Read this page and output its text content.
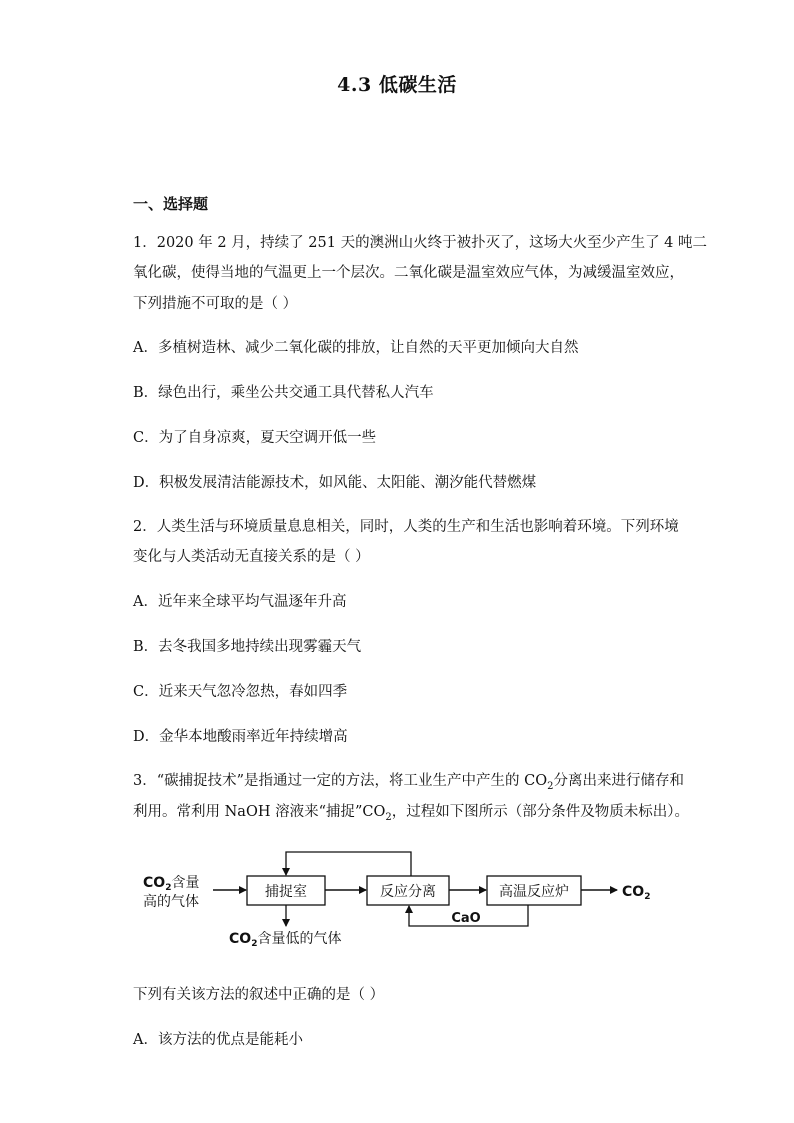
4.3 低碳生活
一、选择题
1．2020 年 2 月，持续了 251 天的澳洲山火终于被扑灭了，这场大火至少产生了 4 吨二
氧化碳，使得当地的气温更上一个层次。二氧化碳是温室效应气体，为减缓温室效应，
下列措施不可取的是（ ）
A．多植树造林、减少二氧化碳的排放，让自然的天平更加倾向大自然
B．绿色出行，乘坐公共交通工具代替私人汽车
C．为了自身凉爽，夏天空调开低一些
D．积极发展清洁能源技术，如风能、太阳能、潮汐能代替燃煤
2．人类生活与环境质量息息相关，同时，人类的生产和生活也影响着环境。下列环境
变化与人类活动无直接关系的是（ ）
A．近年来全球平均气温逐年升高
B．去冬我国多地持续出现雾霾天气
C．近来天气忽冷忽热，春如四季
D．金华本地酸雨率近年持续增高
3．“碳捕捉技术”是指通过一定的方法，将工业生产中产生的 $CO_2$分离出来进行储存和
利用。常利用 NaOH 溶液来“捕捉$”CO_2$，过程如下图所示（部分条件及物质未标出）。
$CO_2$含量
高的气体
捕捉室	反应分离	高温反应炉	$CO_2$
CaO
$CO_2$含量低的气体
下列有关该方法的叙述中正确的是（ ）
A．该方法的优点是能耗小
